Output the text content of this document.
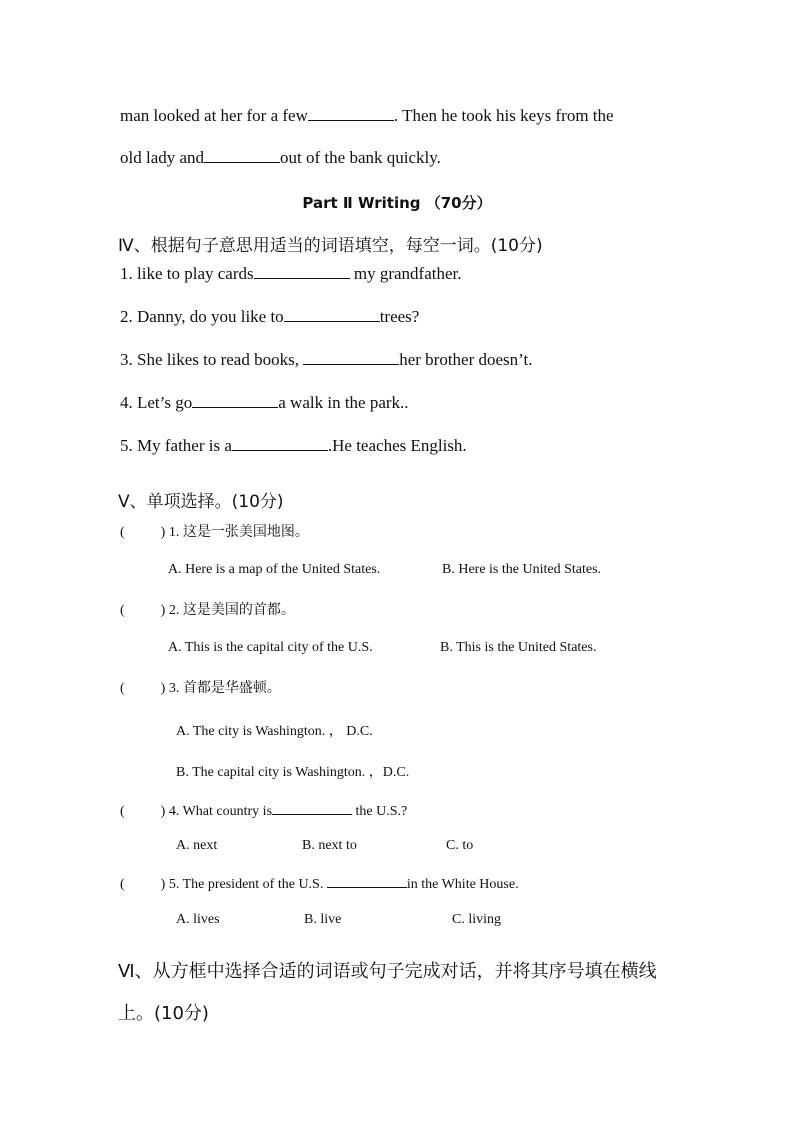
man looked at her for a few	. Then he took his keys from the
old lady and	out of the bank quickly.
Part Ⅱ Writing （70分）
Ⅳ、根据句子意思用适当的词语填空，每空一词。(10分)
1. like to play cards	my grandfather.
2. Danny, do you like to	trees?
3. She likes to read books,	her brother doesn’t.
4. Let’s go	a walk in the park..
5. My father is a	.He teaches English.
Ⅴ、单项选择。(10分)
(	) 1. 这是一张美国地图。
A. Here is a map of the United States.	B. Here is the United States.
(	) 2. 这是美国的首都。
A. This is the capital city of the U.S.	B. This is the United States.
(	) 3. 首都是华盛顿。
A. The city is Washington. ， D.C.
B. The capital city is Washington. ，D.C.
(	) 4. What country is	the U.S.?
A. next	B. next to	C. to
(	) 5. The president of the U.S.	in the White House.
A. lives	B. live	C. living
Ⅵ、从方框中选择合适的词语或句子完成对话，并将其序号填在横线
上。(10分)
